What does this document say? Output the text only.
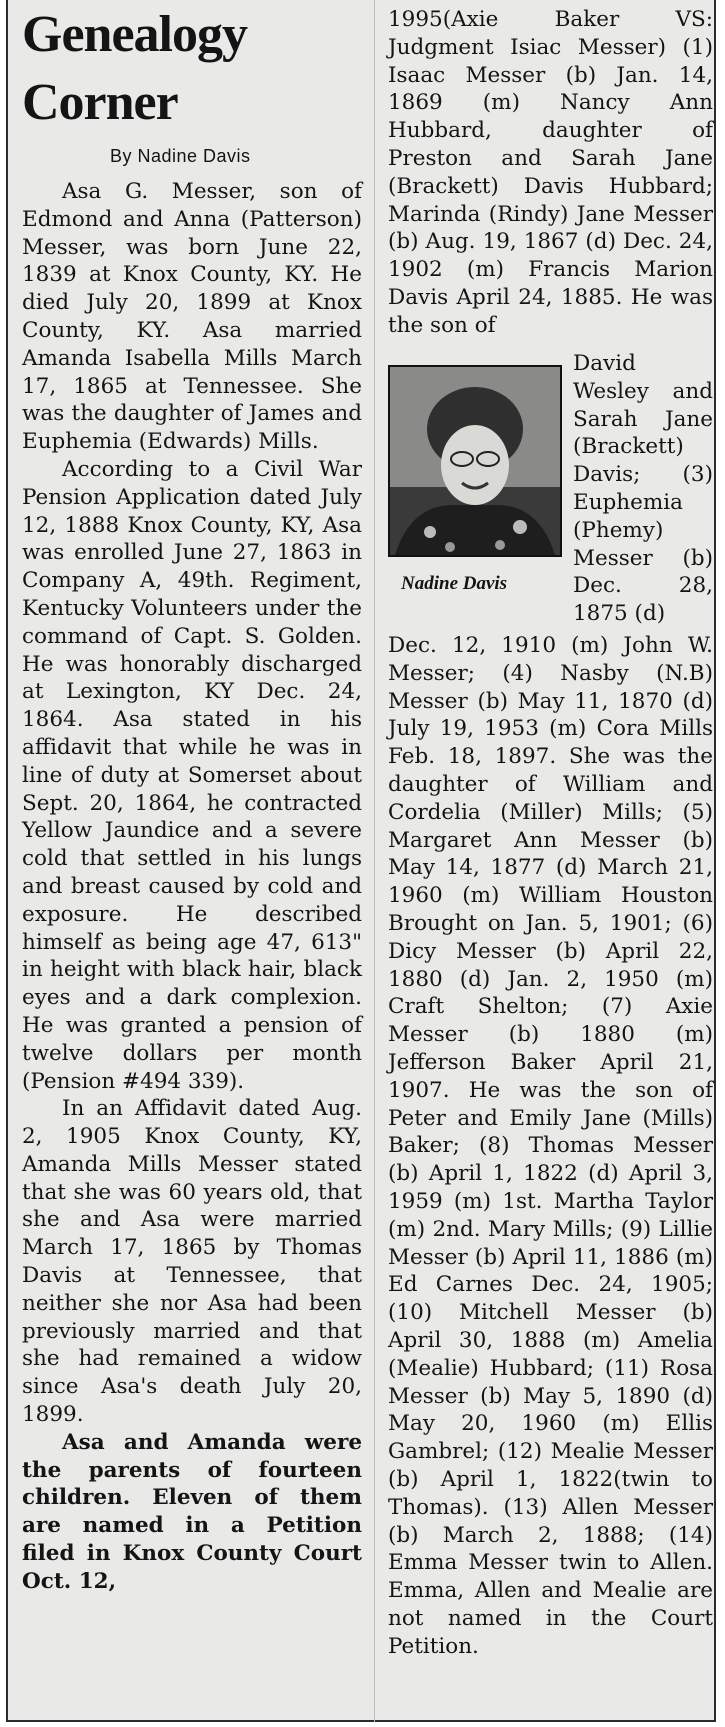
Genealogy
Corner
By Nadine Davis

Asa G. Messer, son of Edmond and Anna (Patterson) Messer, was born June 22, 1839 at Knox County, KY. He died July 20, 1899 at Knox County, KY. Asa married Amanda Isabella Mills March 17, 1865 at Tennessee. She was the daughter of James and Euphemia (Edwards) Mills.

According to a Civil War Pension Application dated July 12, 1888 Knox County, KY, Asa was enrolled June 27, 1863 in Company A, 49th. Regiment, Kentucky Volunteers under the command of Capt. S. Golden. He was honorably discharged at Lexington, KY Dec. 24, 1864. Asa stated in his affidavit that while he was in line of duty at Somerset about Sept. 20, 1864, he contracted Yellow Jaundice and a severe cold that settled in his lungs and breast caused by cold and exposure. He described himself as being age 47, 613" in height with black hair, black eyes and a dark complexion. He was granted a pension of twelve dollars per month (Pension #494 339).

In an Affidavit dated Aug. 2, 1905 Knox County, KY, Amanda Mills Messer stated that she was 60 years old, that she and Asa were married March 17, 1865 by Thomas Davis at Tennessee, that neither she nor Asa had been previously married and that she had remained a widow since Asa's death July 20, 1899.

Asa and Amanda were the parents of fourteen children. Eleven of them are named in a Petition filed in Knox County Court Oct. 12,

1995(Axie Baker VS: Judgment Isiac Messer) (1) Isaac Messer (b) Jan. 14, 1869 (m) Nancy Ann Hubbard, daughter of Preston and Sarah Jane (Brackett) Davis Hubbard; Marinda (Rindy) Jane Messer (b) Aug. 19, 1867 (d) Dec. 24, 1902 (m) Francis Marion Davis April 24, 1885. He was the son of
Nadine Davis
David Wesley and Sarah Jane (Brackett) Davis; (3) Euphemia (Phemy) Messer (b) Dec. 28, 1875 (d)
Dec. 12, 1910 (m) John W. Messer; (4) Nasby (N.B) Messer (b) May 11, 1870 (d) July 19, 1953 (m) Cora Mills Feb. 18, 1897. She was the daughter of William and Cordelia (Miller) Mills; (5) Margaret Ann Messer (b) May 14, 1877 (d) March 21, 1960 (m) William Houston Brought on Jan. 5, 1901; (6) Dicy Messer (b) April 22, 1880 (d) Jan. 2, 1950 (m) Craft Shelton; (7) Axie Messer (b) 1880 (m) Jefferson Baker April 21, 1907. He was the son of Peter and Emily Jane (Mills) Baker; (8) Thomas Messer (b) April 1, 1822 (d) April 3, 1959 (m) 1st. Martha Taylor (m) 2nd. Mary Mills; (9) Lillie Messer (b) April 11, 1886 (m) Ed Carnes Dec. 24, 1905; (10) Mitchell Messer (b) April 30, 1888 (m) Amelia (Mealie) Hubbard; (11) Rosa Messer (b) May 5, 1890 (d) May 20, 1960 (m) Ellis Gambrel; (12) Mealie Messer (b) April 1, 1822(twin to Thomas). (13) Allen Messer (b) March 2, 1888; (14) Emma Messer twin to Allen. Emma, Allen and Mealie are not named in the Court Petition.
